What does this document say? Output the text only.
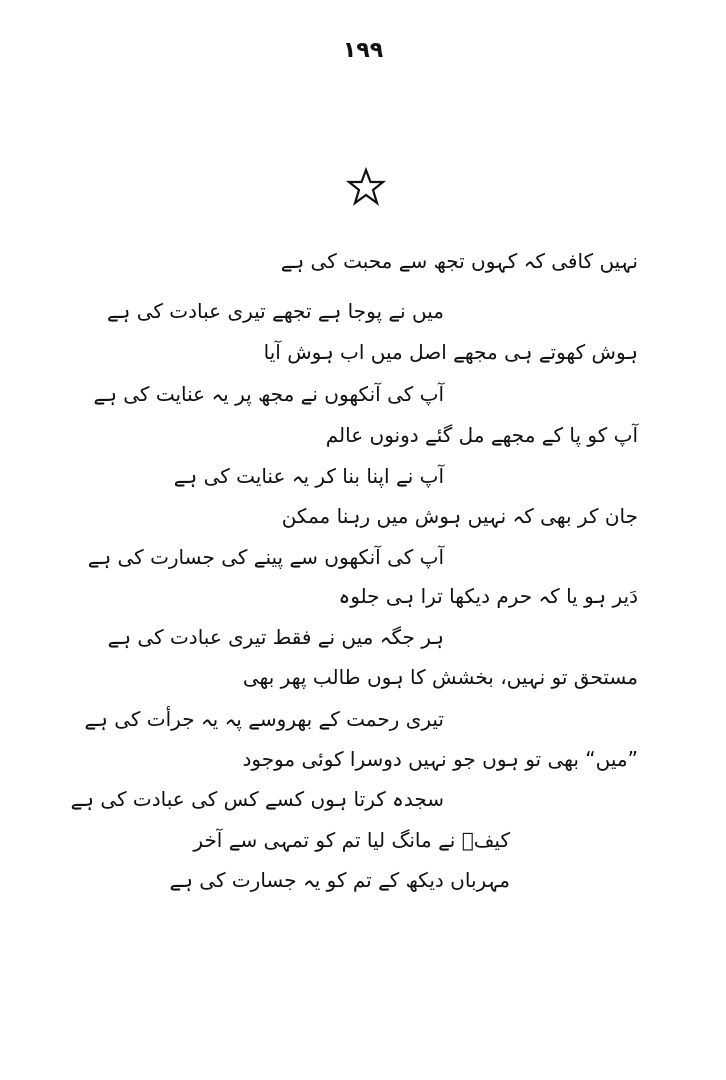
۱۹۹
نہیں کافی کہ کہوں تجھ سے محبت کی ہے
میں نے پوجا ہے تجھے تیری عبادت کی ہے
ہوش کھوتے ہی مجھے اصل میں اب ہوش آیا
آپ کی آنکھوں نے مجھ پر یہ عنایت کی ہے
آپ کو پا کے مجھے مل گئے دونوں عالم
آپ نے اپنا بنا کر یہ عنایت کی ہے
جان کر بھی کہ نہیں ہوش میں رہنا ممکن
آپ کی آنکھوں سے پینے کی جسارت کی ہے
دَیر ہو یا کہ حرم دیکھا ترا ہی جلوہ
ہر جگہ میں نے فقط تیری عبادت کی ہے
مستحق تو نہیں، بخشش کا ہوں طالب پھر بھی
تیری رحمت کے بھروسے پہ یہ جرأت کی ہے
”میں“ بھی تو ہوں جو نہیں دوسرا کوئی موجود
سجدہ کرتا ہوں کسے کس کی عبادت کی ہے
کیفؔ نے مانگ لیا تم کو تمہی سے آخر
مہرباں دیکھ کے تم کو یہ جسارت کی ہے
